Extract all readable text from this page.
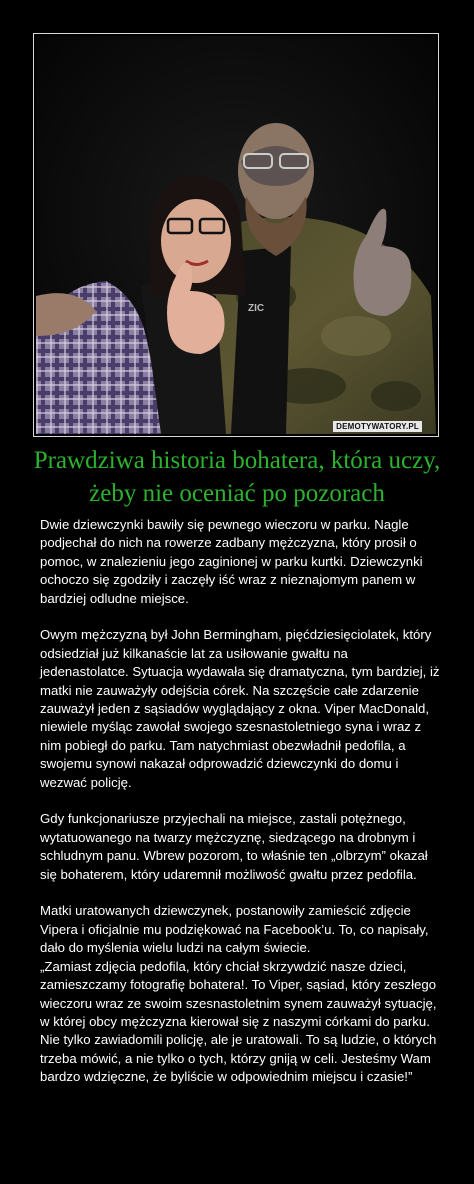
ZIC
DEMOTYWATORY.PL
Prawdziwa historia bohatera, która uczy, żeby nie oceniać po pozorach

Dwie dziewczynki bawiły się pewnego wieczoru w parku. Nagle podjechał do nich na rowerze zadbany mężczyzna, który prosił o pomoc, w znalezieniu jego zaginionej w parku kurtki. Dziewczynki ochoczo się zgodziły i zaczęły iść wraz z nieznajomym panem w bardziej odludne miejsce.

Owym mężczyzną był John Bermingham, pięćdziesięciolatek, który odsiedział już kilkanaście lat za usiłowanie gwałtu na jedenastolatce. Sytuacja wydawała się dramatyczna, tym bardziej, iż matki nie zauważyły odejścia córek. Na szczęście całe zdarzenie zauważył jeden z sąsiadów wyglądający z okna. Viper MacDonald, niewiele myśląc zawołał swojego szesnastoletniego syna i wraz z nim pobiegł do parku. Tam natychmiast obezwładnił pedofila, a swojemu synowi nakazał odprowadzić dziewczynki do domu i wezwać policję.

Gdy funkcjonariusze przyjechali na miejsce, zastali potężnego, wytatuowanego na twarzy mężczyznę, siedzącego na drobnym i schludnym panu. Wbrew pozorom, to właśnie ten „olbrzym” okazał się bohaterem, który udaremnił możliwość gwałtu przez pedofila.

Matki uratowanych dziewczynek, postanowiły zamieścić zdjęcie Vipera i oficjalnie mu podziękować na Facebook’u. To, co napisały, dało do myślenia wielu ludzi na całym świecie.

„Zamiast zdjęcia pedofila, który chciał skrzywdzić nasze dzieci, zamieszczamy fotografię bohatera!. To Viper, sąsiad, który zeszłego wieczoru wraz ze swoim szesnastoletnim synem zauważył sytuację, w której obcy mężczyzna kierował się z naszymi córkami do parku. Nie tylko zawiadomili policję, ale je uratowali. To są ludzie, o których trzeba mówić, a nie tylko o tych, którzy gniją w celi. Jesteśmy Wam bardzo wdzięczne, że byliście w odpowiednim miejscu i czasie!”
